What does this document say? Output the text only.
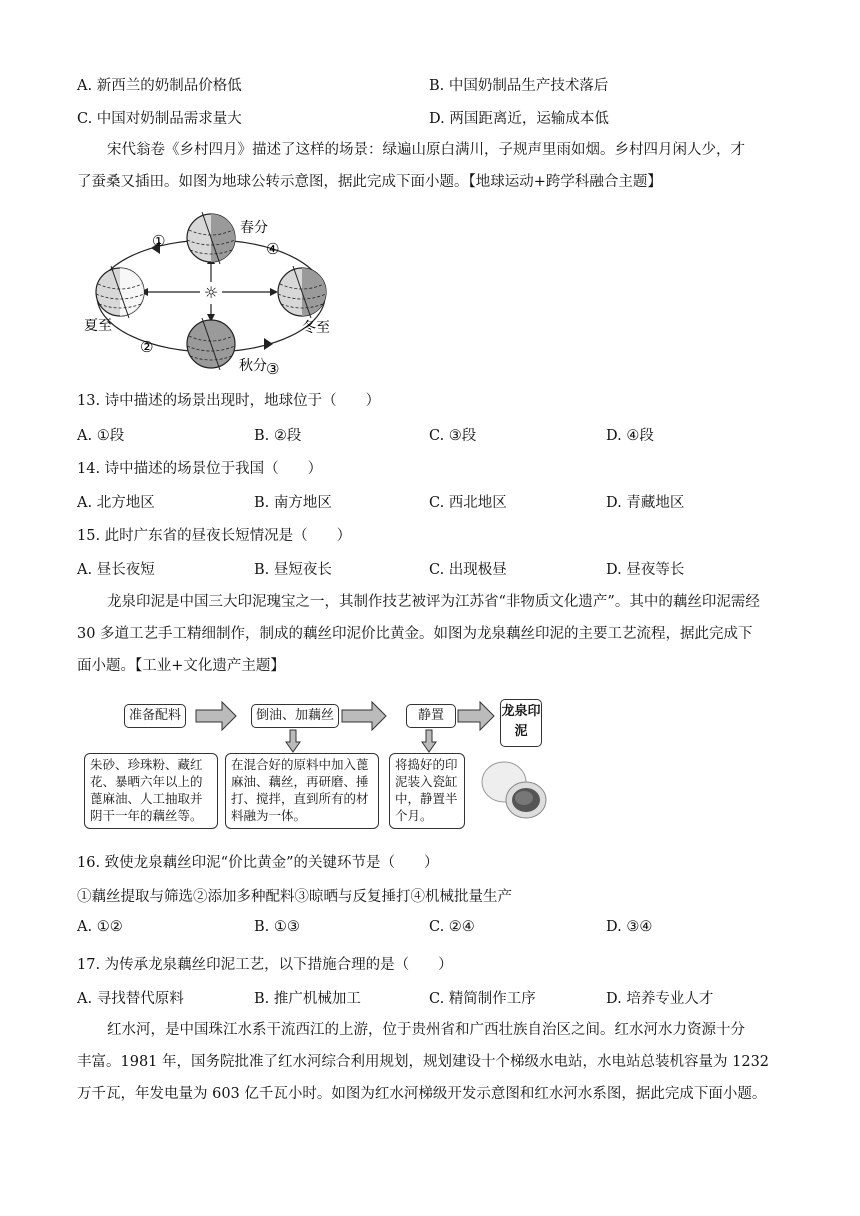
A. 新西兰的奶制品价格低	B. 中国奶制品生产技术落后
C. 中国对奶制品需求量大	D. 两国距离近，运输成本低
宋代翁卷《乡村四月》描述了这样的场景：绿遍山原白满川，子规声里雨如烟。乡村四月闲人少，才
了蚕桑又插田。如图为地球公转示意图，据此完成下面小题。【地球运动+跨学科融合主题】
☼
春分
夏至
秋分
冬至
①
②
③
④
13. 诗中描述的场景出现时，地球位于（　　）
A. ①段	B. ②段	C. ③段	D. ④段
14. 诗中描述的场景位于我国（　　）
A. 北方地区	B. 南方地区	C. 西北地区	D. 青藏地区
15. 此时广东省的昼夜长短情况是（　　）
A. 昼长夜短	B. 昼短夜长	C. 出现极昼	D. 昼夜等长
龙泉印泥是中国三大印泥瑰宝之一，其制作技艺被评为江苏省“非物质文化遗产”。其中的藕丝印泥需经
30 多道工艺手工精细制作，制成的藕丝印泥价比黄金。如图为龙泉藕丝印泥的主要工艺流程，据此完成下
面小题。【工业+文化遗产主题】
准备配料	倒油、加藕丝	静置	龙泉印泥
朱砂、珍珠粉、藏红花、暴晒六年以上的蓖麻油、人工抽取并阴干一年的藕丝等。
在混合好的原料中加入蓖麻油、藕丝，再研磨、捶打、搅拌，直到所有的材料融为一体。
将捣好的印泥装入瓷缸中，静置半个月。
16. 致使龙泉藕丝印泥“价比黄金”的关键环节是（　　）
①藕丝提取与筛选②添加多种配料③晾晒与反复捶打④机械批量生产
A. ①②	B. ①③	C. ②④	D. ③④
17. 为传承龙泉藕丝印泥工艺，以下措施合理的是（　　）
A. 寻找替代原料	B. 推广机械加工	C. 精简制作工序	D. 培养专业人才
红水河，是中国珠江水系干流西江的上游，位于贵州省和广西壮族自治区之间。红水河水力资源十分
丰富。1981 年，国务院批准了红水河综合利用规划，规划建设十个梯级水电站，水电站总装机容量为 1232
万千瓦，年发电量为 603 亿千瓦小时。如图为红水河梯级开发示意图和红水河水系图，据此完成下面小题。
